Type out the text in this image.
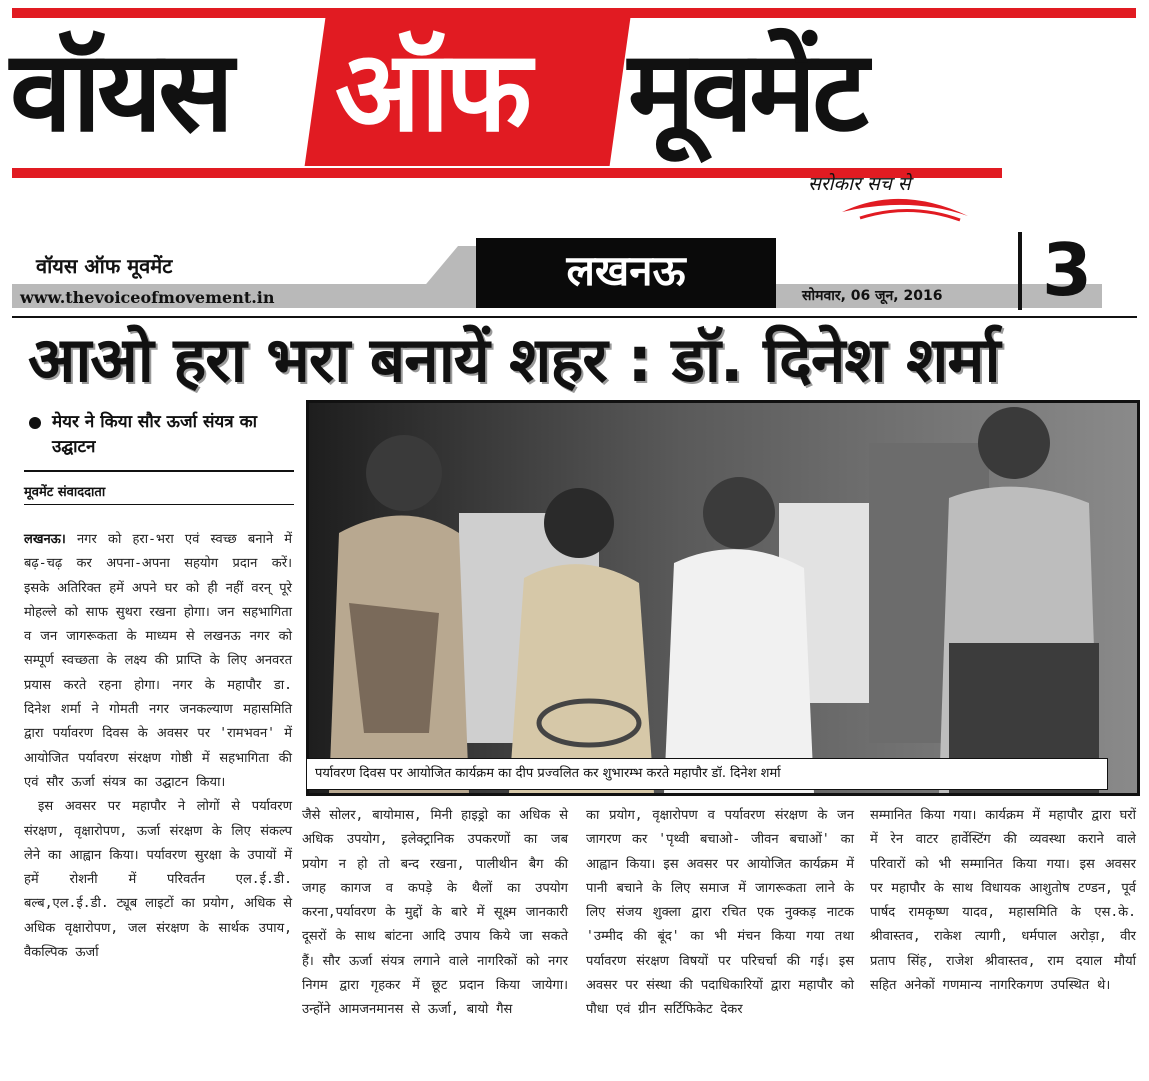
वॉयस ऑफ मूवमेंट
सरोकार सच से
वॉयस ऑफ मूवमेंट
www.thevoiceofmovement.in
लखनऊ
सोमवार, 06 जून, 2016 3
आओ हरा भरा बनायें शहर : डॉ. दिनेश शर्मा
मेयर ने किया सौर ऊर्जा संयत्र का उद्घाटन
मूवमेंट संवाददाता

लखनऊ। नगर को हरा-भरा एवं स्वच्छ बनाने में बढ़-चढ़ कर अपना-अपना सहयोग प्रदान करें। इसके अतिरिक्त हमें अपने घर को ही नहीं वरन् पूरे मोहल्ले को साफ सुथरा रखना होगा। जन सहभागिता व जन जागरूकता के माध्यम से लखनऊ नगर को सम्पूर्ण स्वच्छता के लक्ष्य की प्राप्ति के लिए अनवरत प्रयास करते रहना होगा। नगर के महापौर डा. दिनेश शर्मा ने गोमती नगर जनकल्याण महासमिति द्वारा पर्यावरण दिवस के अवसर पर 'रामभवन' में आयोजित पर्यावरण संरक्षण गोष्ठी में सहभागिता की एवं सौर ऊर्जा संयत्र का उद्घाटन किया।

इस अवसर पर महापौर ने लोगों से पर्यावरण संरक्षण, वृक्षारोपण, ऊर्जा संरक्षण के लिए संकल्प लेने का आह्वान किया। पर्यावरण सुरक्षा के उपायों में हमें रोशनी में परिवर्तन एल.ई.डी. बल्ब,एल.ई.डी. ट्यूब लाइटों का प्रयोग, अधिक से अधिक वृक्षारोपण, जल संरक्षण के सार्थक उपाय, वैकल्पिक ऊर्जा

पर्यावरण दिवस पर आयोजित कार्यक्रम का दीप प्रज्वलित कर शुभारम्भ करते महापौर डॉ. दिनेश शर्मा

जैसे सोलर, बायोमास, मिनी हाइड्रो का अधिक से अधिक उपयोग, इलेक्ट्रानिक उपकरणों का जब प्रयोग न हो तो बन्द रखना, पालीथीन बैग की जगह कागज व कपड़े के थैलों का उपयोग करना,पर्यावरण के मुद्दों के बारे में सूक्ष्म जानकारी दूसरों के साथ बांटना आदि उपाय किये जा सकते हैं। सौर ऊर्जा संयत्र लगाने वाले नागरिकों को नगर निगम द्वारा गृहकर में छूट प्रदान किया जायेगा। उन्होंने आमजनमानस से ऊर्जा, बायो गैस

का प्रयोग, वृक्षारोपण व पर्यावरण संरक्षण के जन जागरण कर 'पृथ्वी बचाओ- जीवन बचाओं' का आह्वान किया। इस अवसर पर आयोजित कार्यक्रम में पानी बचाने के लिए समाज में जागरूकता लाने के लिए संजय शुक्ला द्वारा रचित एक नुक्कड़ नाटक 'उम्मीद की बूंद' का भी मंचन किया गया तथा पर्यावरण संरक्षण विषयों पर परिचर्चा की गई। इस अवसर पर संस्था की पदाधिकारियों द्वारा महापौर को पौधा एवं ग्रीन सर्टिफिकेट देकर

सम्मानित किया गया। कार्यक्रम में महापौर द्वारा घरों में रेन वाटर हार्वेस्टिंग की व्यवस्था कराने वाले परिवारों को भी सम्मानित किया गया। इस अवसर पर महापौर के साथ विधायक आशुतोष टण्डन, पूर्व पार्षद रामकृष्ण यादव, महासमिति के एस.के. श्रीवास्तव, राकेश त्यागी, धर्मपाल अरोड़ा, वीर प्रताप सिंह, राजेश श्रीवास्तव, राम दयाल मौर्या सहित अनेकों गणमान्य नागरिकगण उपस्थित थे।
